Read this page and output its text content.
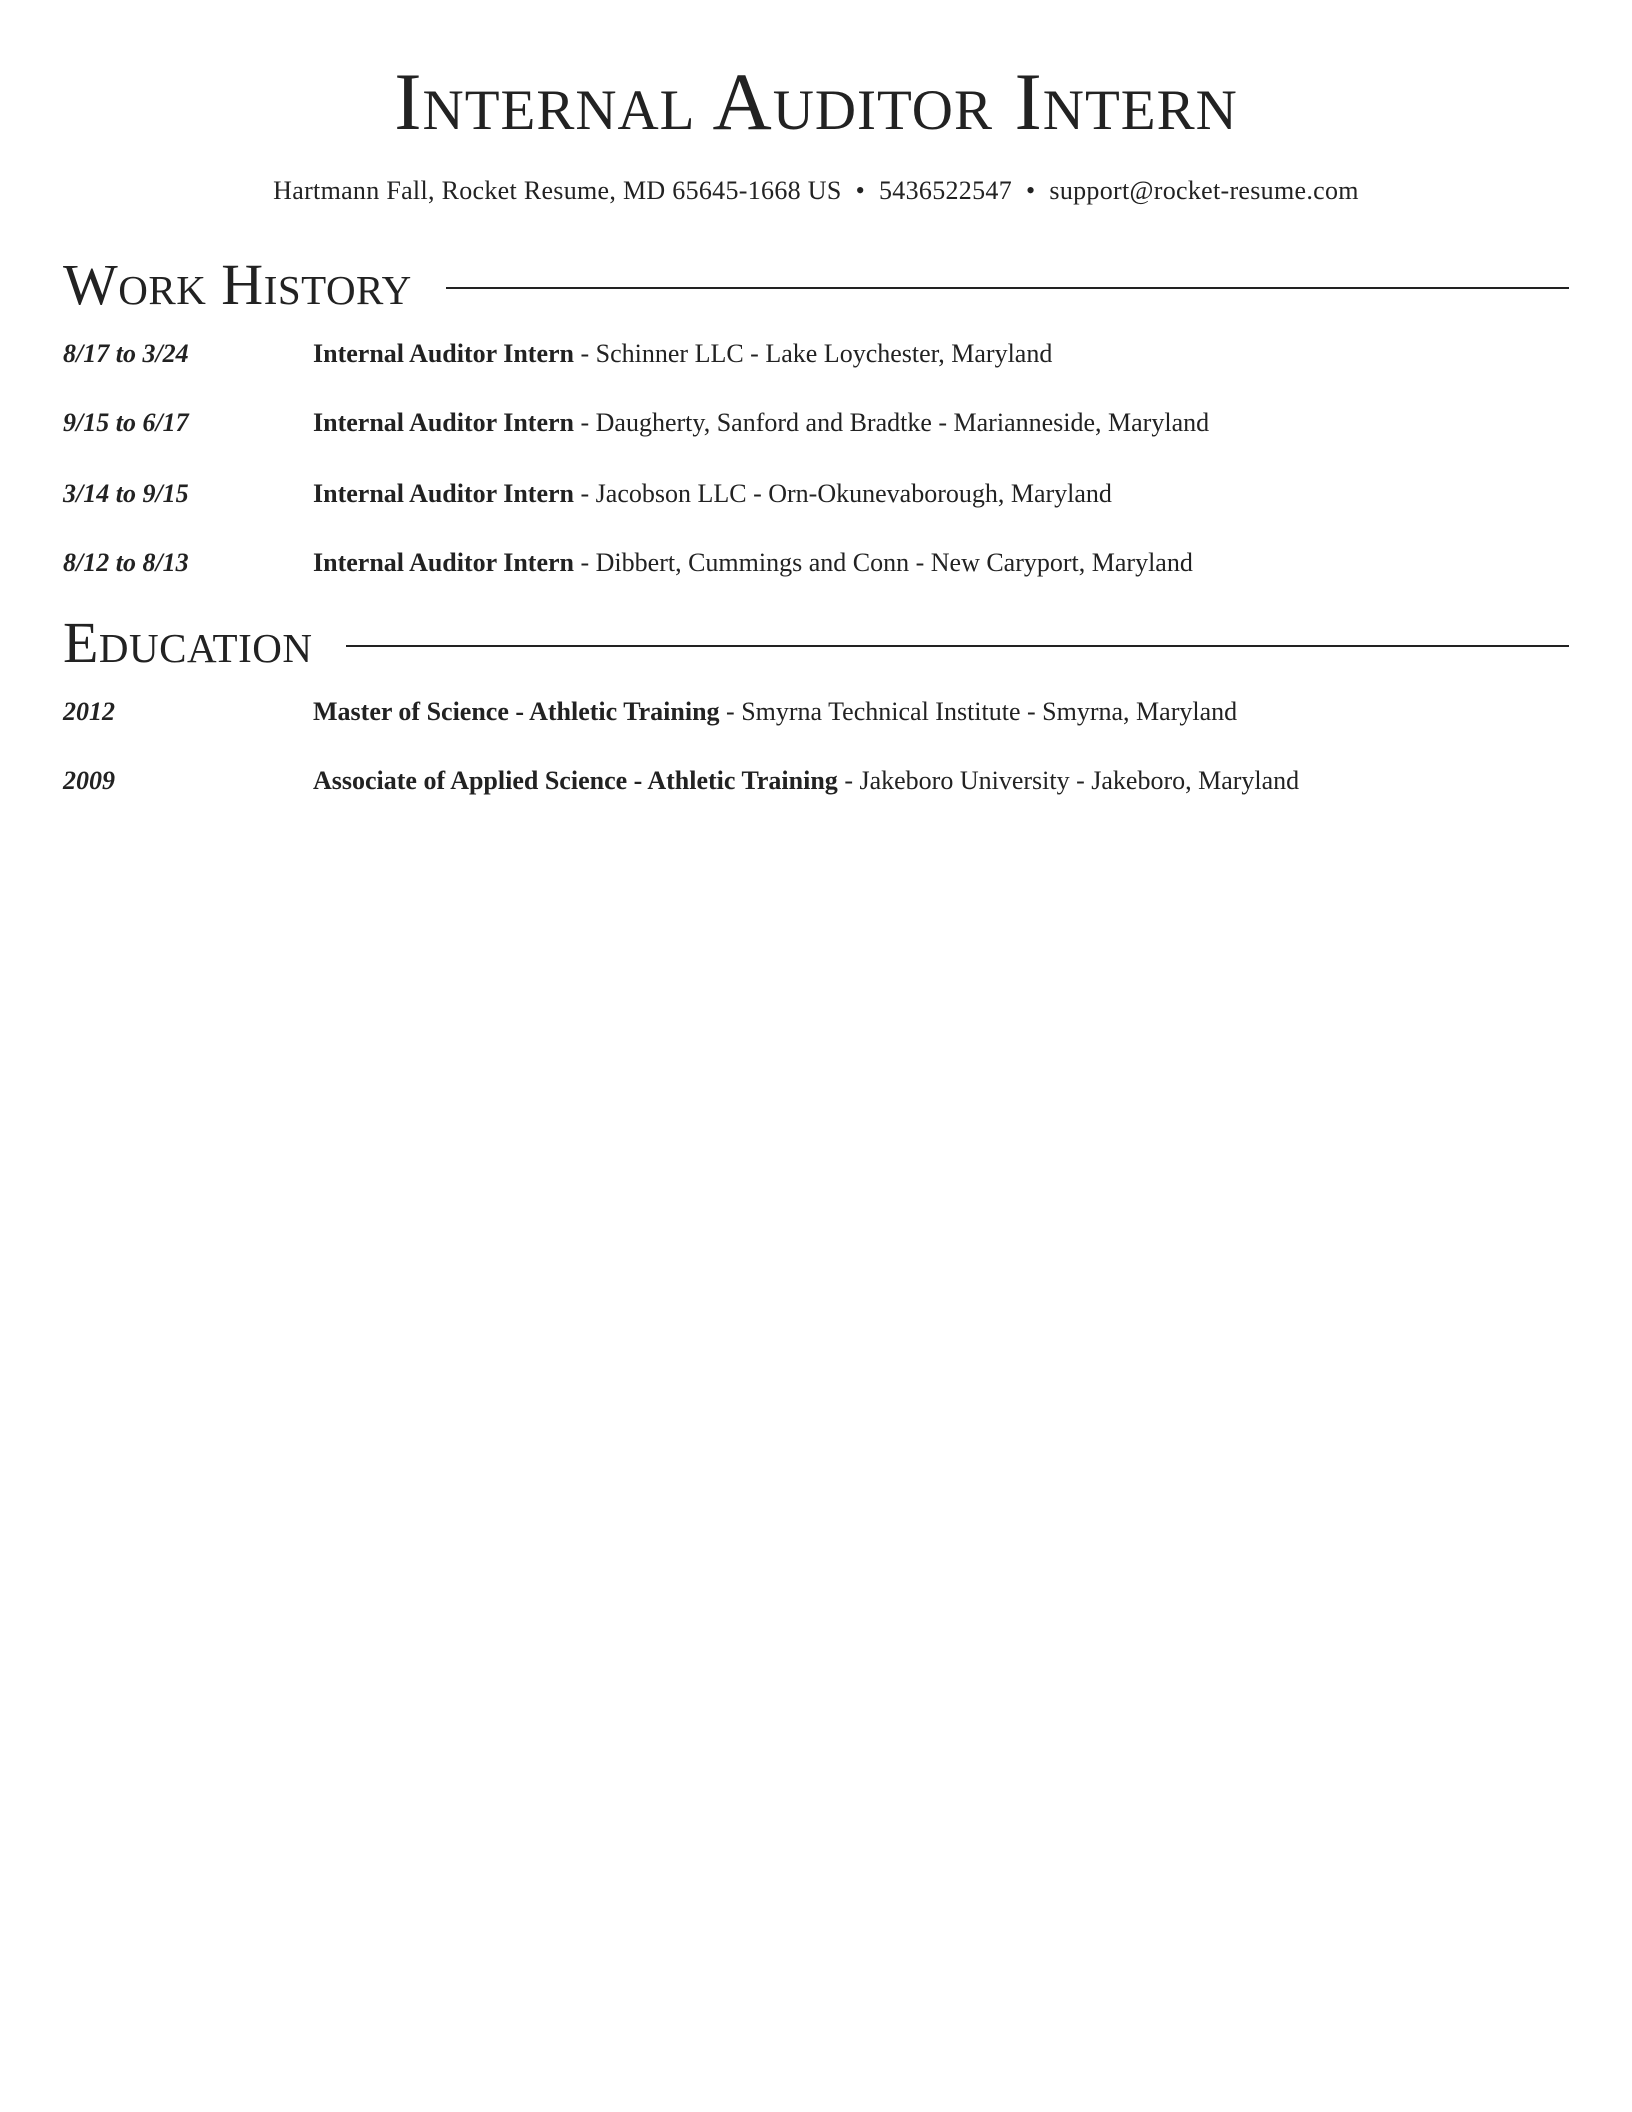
Internal Auditor Intern
Hartmann Fall, Rocket Resume, MD 65645-1668 US • 5436522547 • support@rocket-resume.com
Work History
8/17 to 3/24	Internal Auditor Intern - Schinner LLC - Lake Loychester, Maryland
9/15 to 6/17	Internal Auditor Intern - Daugherty, Sanford and Bradtke - Marianneside, Maryland
3/14 to 9/15	Internal Auditor Intern - Jacobson LLC - Orn-Okunevaborough, Maryland
8/12 to 8/13	Internal Auditor Intern - Dibbert, Cummings and Conn - New Caryport, Maryland
Education
2012	Master of Science - Athletic Training - Smyrna Technical Institute - Smyrna, Maryland
2009	Associate of Applied Science - Athletic Training - Jakeboro University - Jakeboro, Maryland
